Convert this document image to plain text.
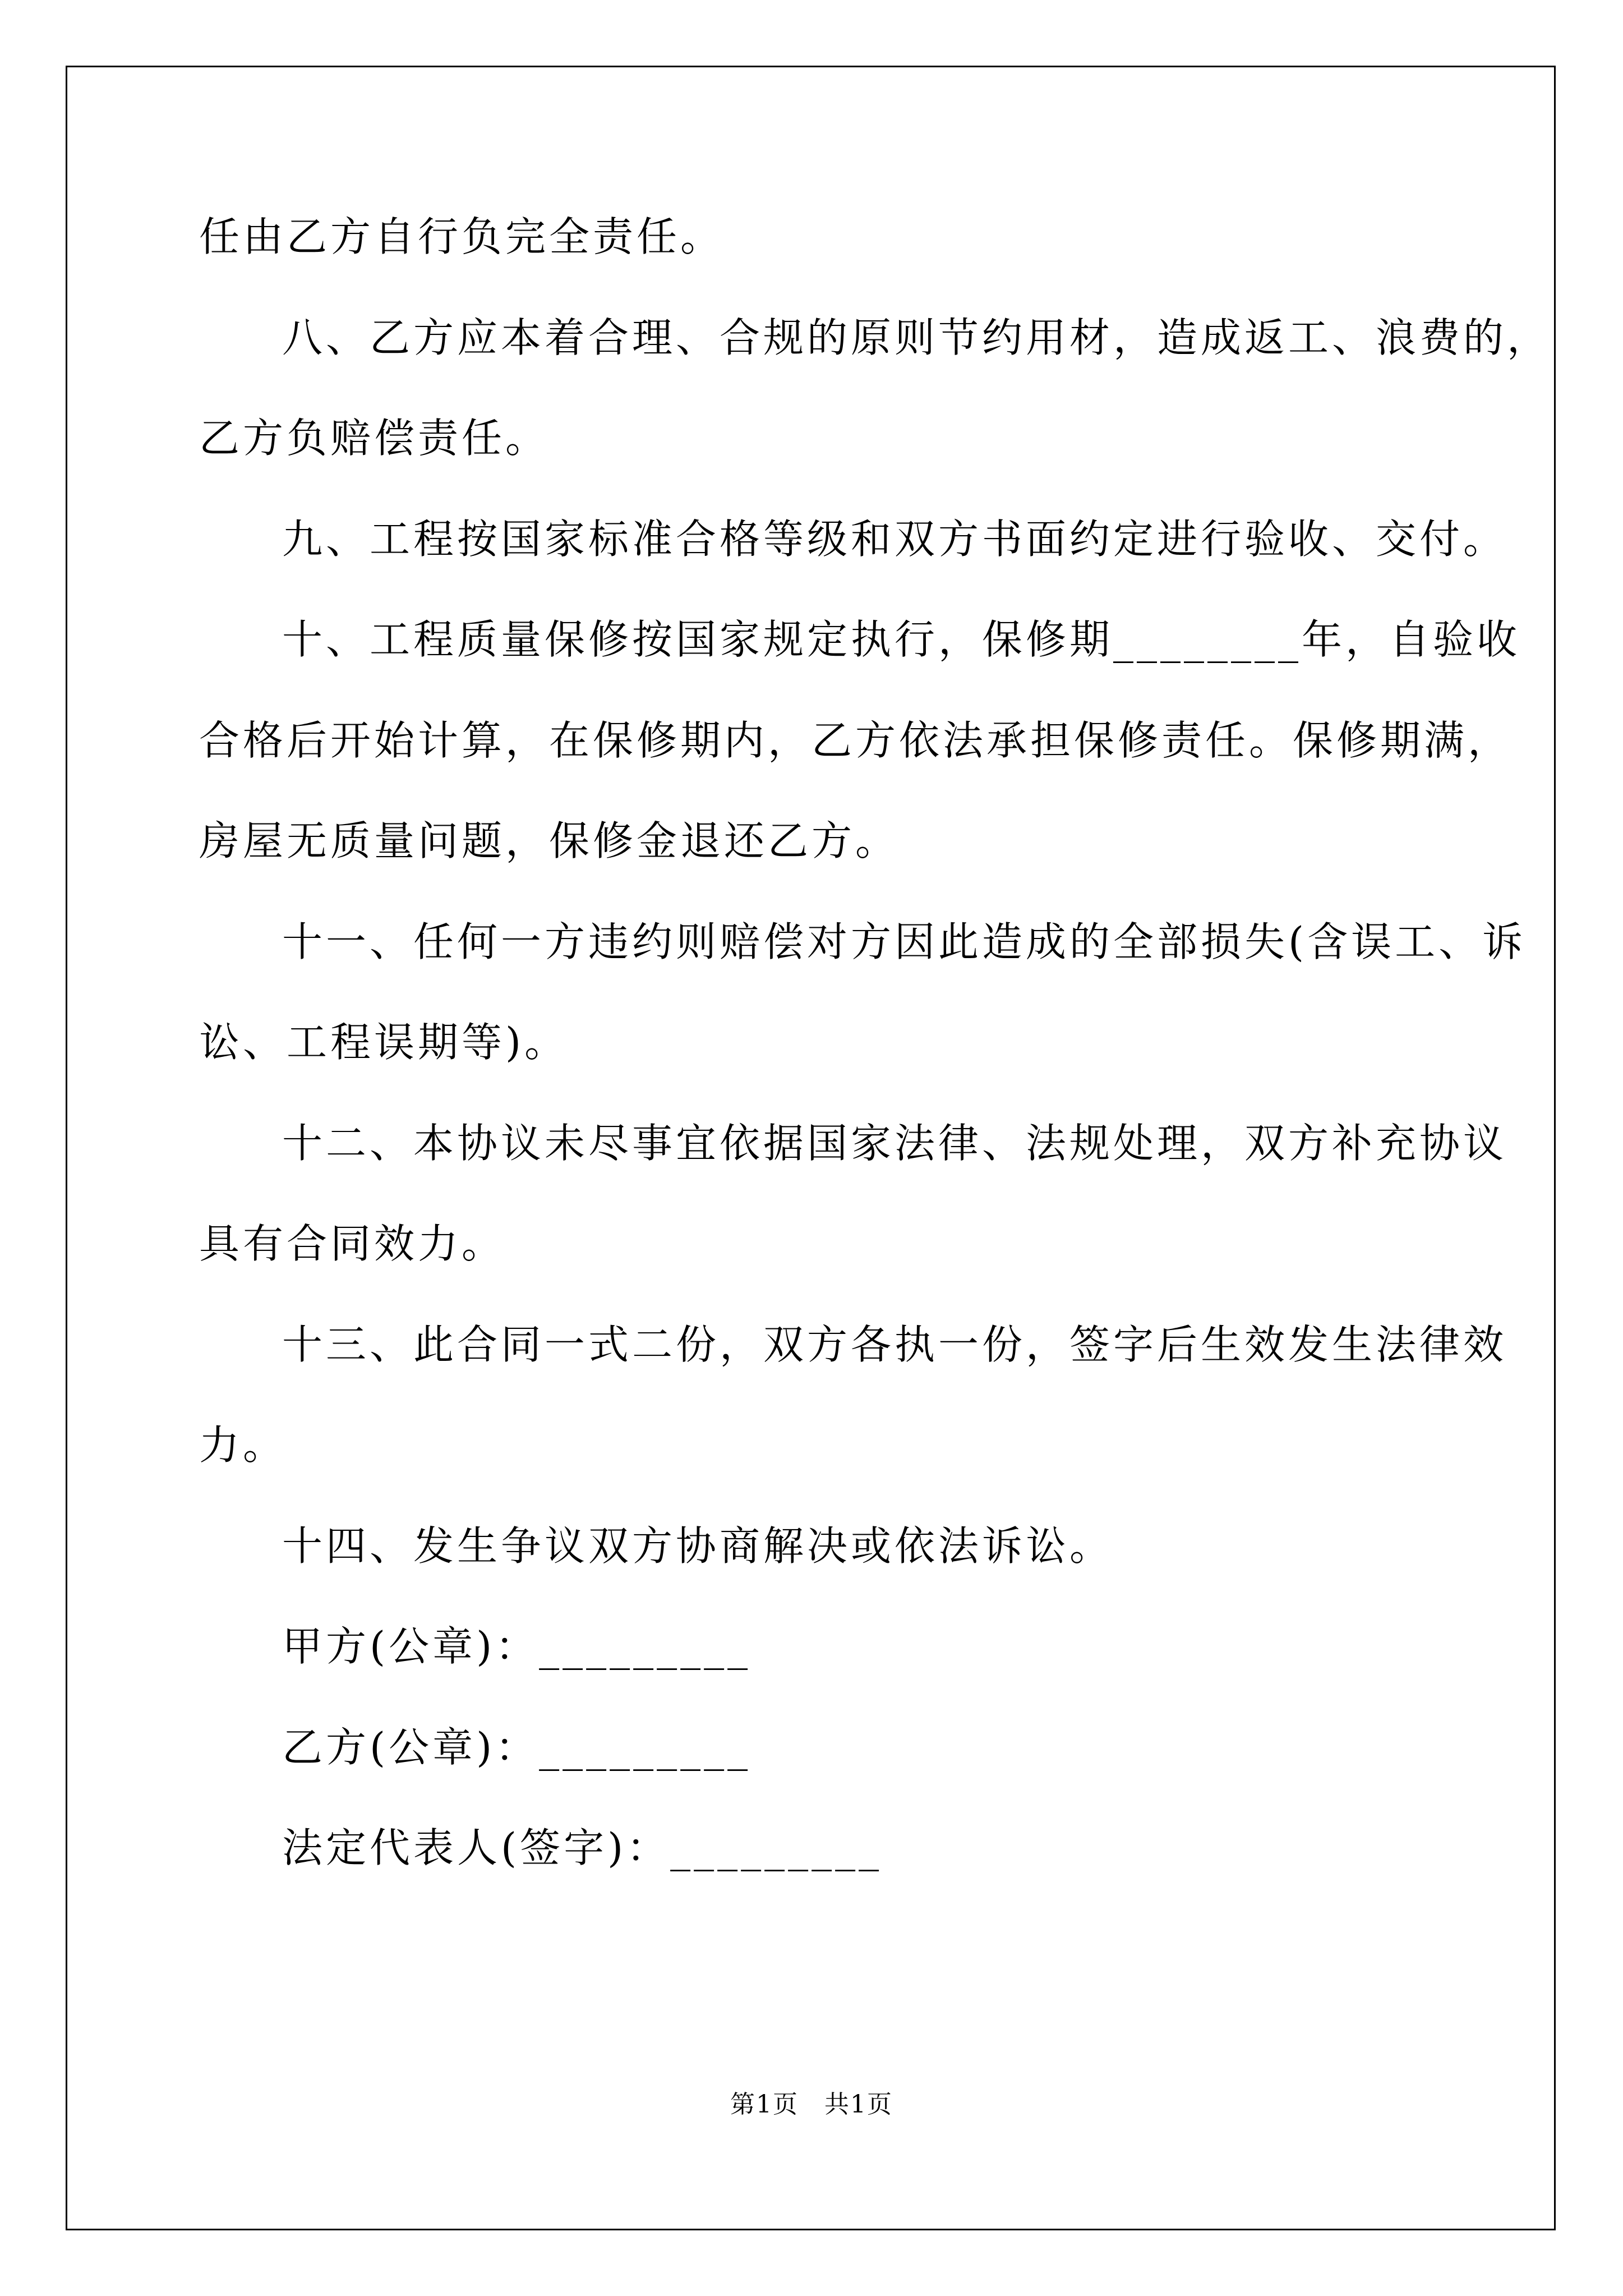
任由乙方自行负完全责任。
八、乙方应本着合理、合规的原则节约用材，造成返工、浪费的，
乙方负赔偿责任。
九、工程按国家标准合格等级和双方书面约定进行验收、交付。
十、工程质量保修按国家规定执行，保修期________年，自验收
合格后开始计算，在保修期内，乙方依法承担保修责任。保修期满，
房屋无质量问题，保修金退还乙方。
十一、任何一方违约则赔偿对方因此造成的全部损失(含误工、诉
讼、工程误期等)。
十二、本协议未尽事宜依据国家法律、法规处理，双方补充协议
具有合同效力。
十三、此合同一式二份，双方各执一份，签字后生效发生法律效
力。
十四、发生争议双方协商解决或依法诉讼。
甲方(公章)：_________
乙方(公章)：_________
法定代表人(签字)：_________
第1页　共1页
